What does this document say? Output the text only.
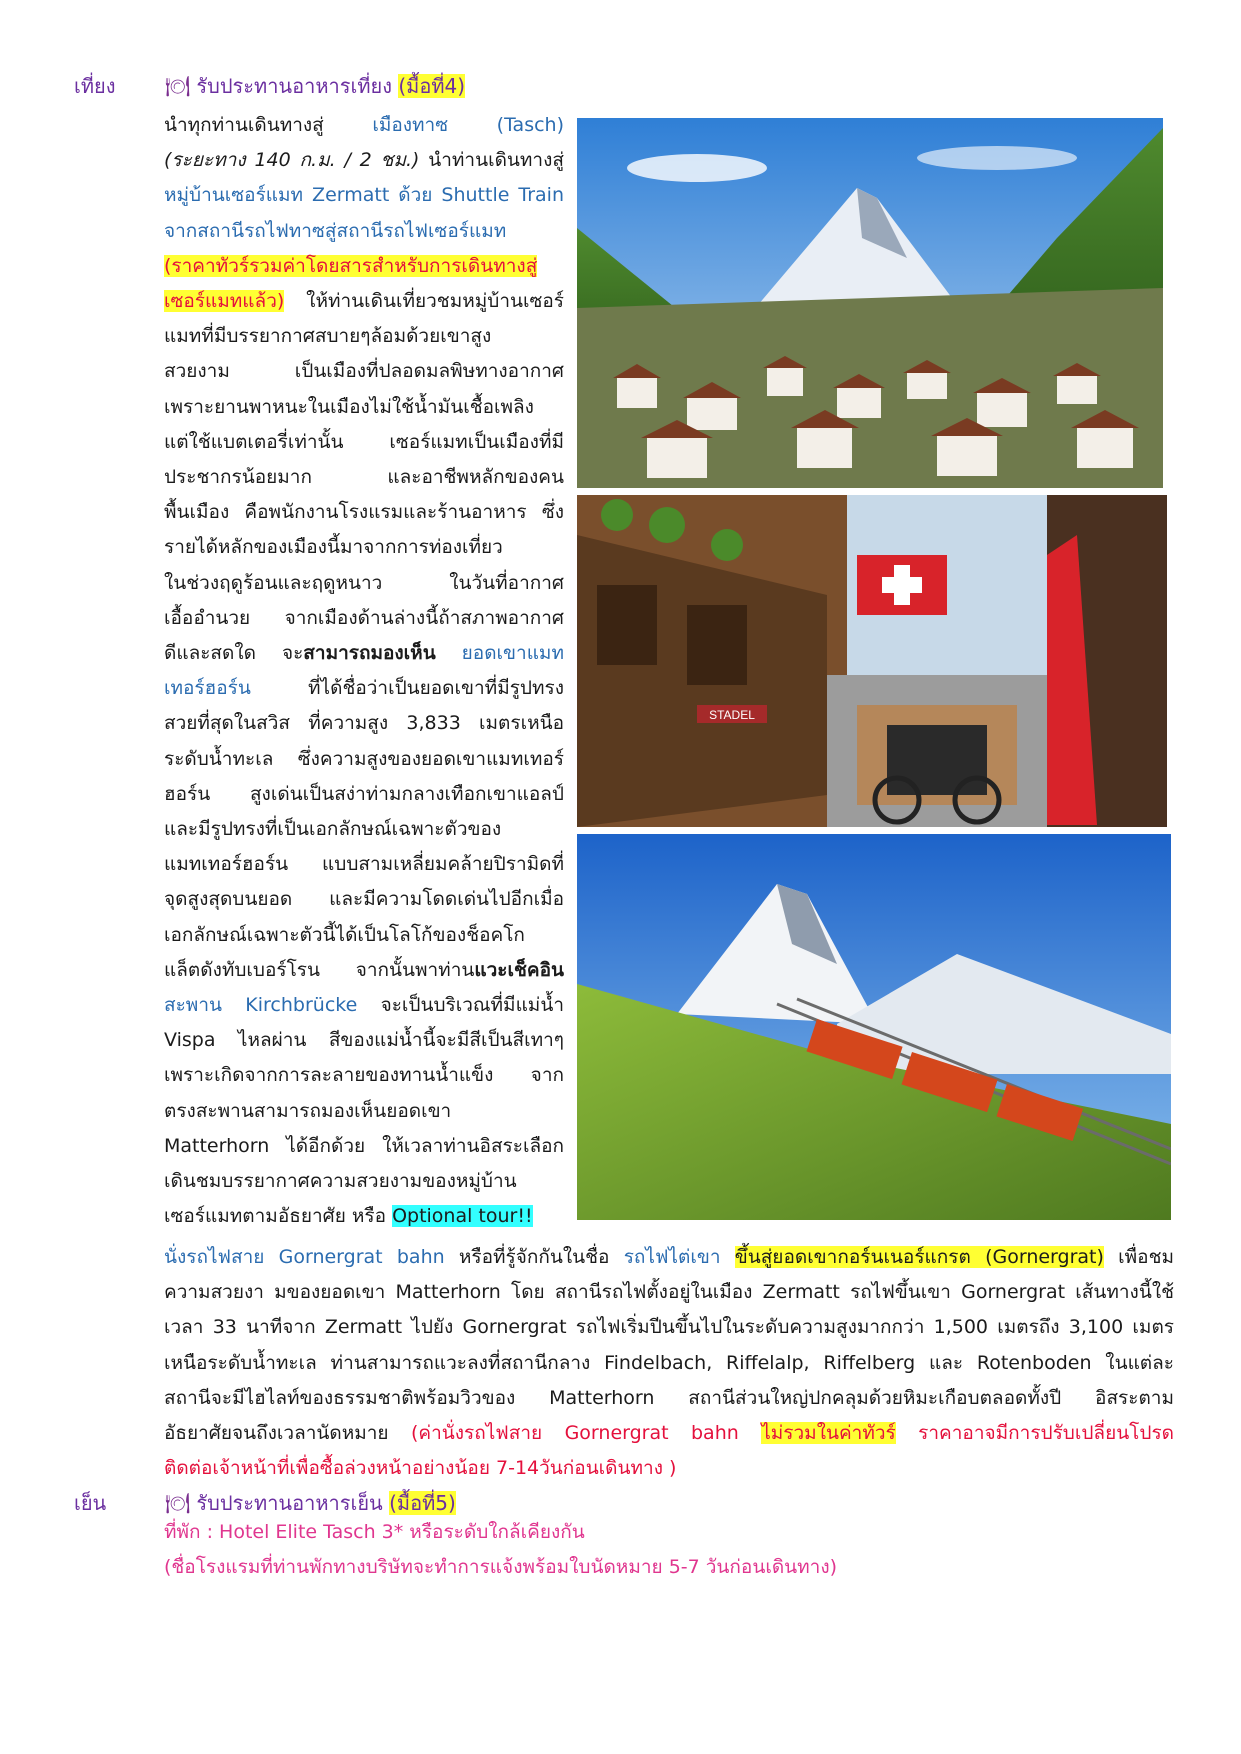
เที่ยง 🍽 รับประทานอาหารเที่ยง (มื้อที่4)
นำทุกท่านเดินทางสู่ เมืองทาซ (Tasch)
(ระยะทาง 140 ก.ม. / 2 ชม.) นำท่านเดินทางสู่
หมู่บ้านเซอร์แมท Zermatt ด้วย Shuttle Train
จากสถานีรถไฟทาซสู่สถานีรถไฟเซอร์แมท
(ราคาทัวร์รวมค่าโดยสารสำหรับการเดินทางสู่
เซอร์แมทแล้ว) ให้ท่านเดินเที่ยวชมหมู่บ้านเซอร์
แมทที่มีบรรยากาศสบายๆล้อมด้วยเขาสูง
สวยงาม เป็นเมืองที่ปลอดมลพิษทางอากาศ
เพราะยานพาหนะในเมืองไม่ใช้น้ำมันเชื้อเพลิง
แต่ใช้แบตเตอรี่เท่านั้น เซอร์แมทเป็นเมืองที่มี
ประชากรน้อยมาก และอาชีพหลักของคน
พื้นเมือง คือพนักงานโรงแรมและร้านอาหาร ซึ่ง
รายได้หลักของเมืองนี้มาจากการท่องเที่ยว
ในช่วงฤดูร้อนและฤดูหนาว ในวันที่อากาศ
เอื้ออำนวย จากเมืองด้านล่างนี้ถ้าสภาพอากาศ
ดีและสดใด จะสามารถมองเห็น ยอดเขาแมท
เทอร์ฮอร์น ที่ได้ชื่อว่าเป็นยอดเขาที่มีรูปทรง
สวยที่สุดในสวิส ที่ความสูง 3,833 เมตรเหนือ
ระดับน้ำทะเล ซึ่งความสูงของยอดเขาแมทเทอร์
ฮอร์น สูงเด่นเป็นสง่าท่ามกลางเทือกเขาแอลป์
และมีรูปทรงที่เป็นเอกลักษณ์เฉพาะตัวของ
แมทเทอร์ฮอร์น แบบสามเหลี่ยมคล้ายปิรามิดที่
จุดสูงสุดบนยอด และมีความโดดเด่นไปอีกเมื่อ
เอกลักษณ์เฉพาะตัวนี้ได้เป็นโลโก้ของช็อคโก
แล็ตดังทับเบอร์โรน จากนั้นพาท่านแวะเช็คอิน
สะพาน Kirchbrücke จะเป็นบริเวณที่มีแม่น้ำ
Vispa ไหลผ่าน สีของแม่น้ำนี้จะมีสีเป็นสีเทาๆ
เพราะเกิดจากการละลายของทานน้ำแข็ง จาก
ตรงสะพานสามารถมองเห็นยอดเขา
Matterhorn ได้อีกด้วย ให้เวลาท่านอิสระเลือก
เดินชมบรรยากาศความสวยงามของหมู่บ้าน
เซอร์แมทตามอัธยาศัย หรือ Optional tour!!
STADEL
นั่งรถไฟสาย Gornergrat bahn หรือที่รู้จักกันในชื่อ รถไฟไต่เขา ขึ้นสู่ยอดเขากอร์นเนอร์แกรต (Gornergrat) เพื่อชม
ความสวยงา มของยอดเขา Matterhorn โดย สถานีรถไฟตั้งอยู่ในเมือง Zermatt รถไฟขึ้นเขา Gornergrat เส้นทางนี้ใช้
เวลา 33 นาทีจาก Zermatt ไปยัง Gornergrat รถไฟเริ่มปีนขึ้นไปในระดับความสูงมากกว่า 1,500 เมตรถึง 3,100 เมตร
เหนือระดับน้ำทะเล ท่านสามารถแวะลงที่สถานีกลาง Findelbach, Riffelalp, Riffelberg และ Rotenboden ในแต่ละ
สถานีจะมีไฮไลท์ของธรรมชาติพร้อมวิวของ Matterhorn สถานีส่วนใหญ่ปกคลุมด้วยหิมะเกือบตลอดทั้งปี อิสระตาม
อัธยาศัยจนถึงเวลานัดหมาย (ค่านั่งรถไฟสาย Gornergrat bahn ไม่รวมในค่าทัวร์ ราคาอาจมีการปรับเปลี่ยนโปรด
ติดต่อเจ้าหน้าที่เพื่อซื้อล่วงหน้าอย่างน้อย 7-14วันก่อนเดินทาง )
เย็น	🍽 รับประทานอาหารเย็น (มื้อที่5)
ที่พัก : Hotel Elite Tasch 3* หรือระดับใกล้เคียงกัน
(ชื่อโรงแรมที่ท่านพักทางบริษัทจะทำการแจ้งพร้อมใบนัดหมาย 5-7 วันก่อนเดินทาง)
